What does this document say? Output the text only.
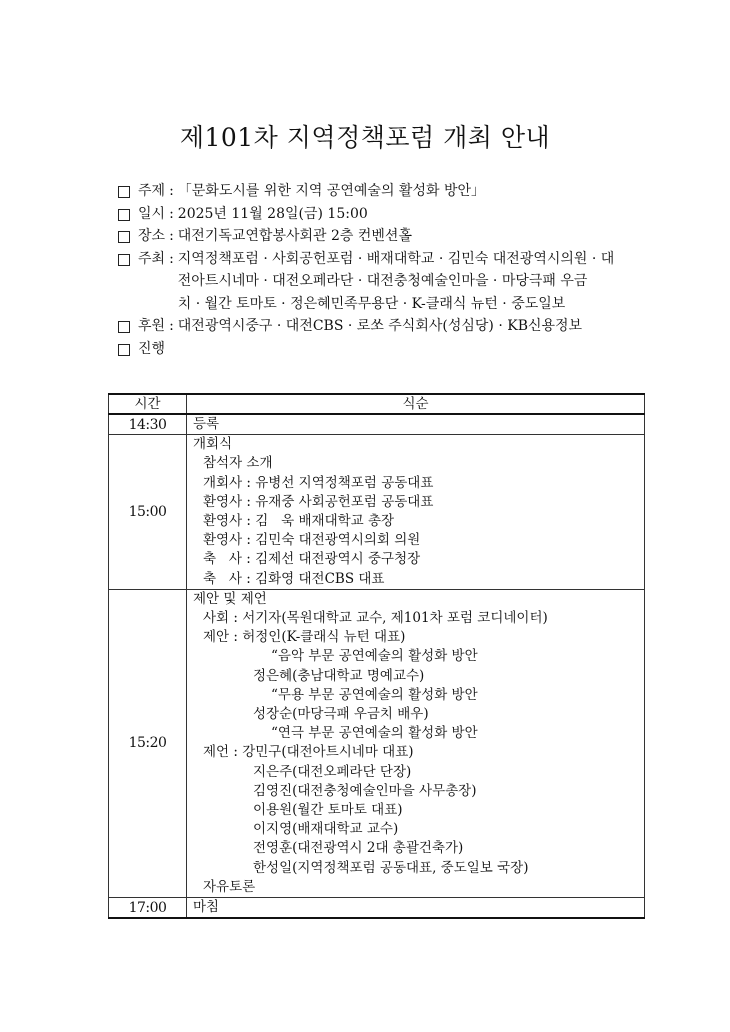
제101차 지역정책포럼 개최 안내
주제 : 「문화도시를 위한 지역 공연예술의 활성화 방안」
일시 : 2025년 11월 28일(금) 15:00
장소 : 대전기독교연합봉사회관 2층 컨벤션홀
주최 : 지역정책포럼 · 사회공헌포럼 · 배재대학교 · 김민숙 대전광역시의원 · 대
전아트시네마 · 대전오페라단 · 대전충청예술인마을 · 마당극패 우금
치 · 월간 토마토 · 정은혜민족무용단 · K-클래식 뉴턴 · 중도일보
후원 : 대전광역시중구 · 대전CBS · 로쏘 주식회사(성심당) · KB신용정보
진행
시간	식순
14:30	등록

15:00	
개회식
참석자 소개
개회사 : 유병선 지역정책포럼 공동대표
환영사 : 유재중 사회공헌포럼 공동대표
환영사 : 김   욱 배재대학교 총장
환영사 : 김민숙 대전광역시의회 의원
축   사 : 김제선 대전광역시 중구청장
축   사 : 김화영 대전CBS 대표

15:20	
제안 및 제언
사회 : 서기자(목원대학교 교수, 제101차 포럼 코디네이터)
제안 : 허정인(K-클래식 뉴턴 대표)
“음악 부문 공연예술의 활성화 방안
정은혜(충남대학교 명예교수)
“무용 부문 공연예술의 활성화 방안
성장순(마당극패 우금치 배우)
“연극 부문 공연예술의 활성화 방안
제언 : 강민구(대전아트시네마 대표)
지은주(대전오페라단 단장)
김영진(대전충청예술인마을 사무총장)
이용원(월간 토마토 대표)
이지영(배재대학교 교수)
전영훈(대전광역시 2대 총괄건축가)
한성일(지역정책포럼 공동대표, 중도일보 국장)
자유토론

17:00	마침
